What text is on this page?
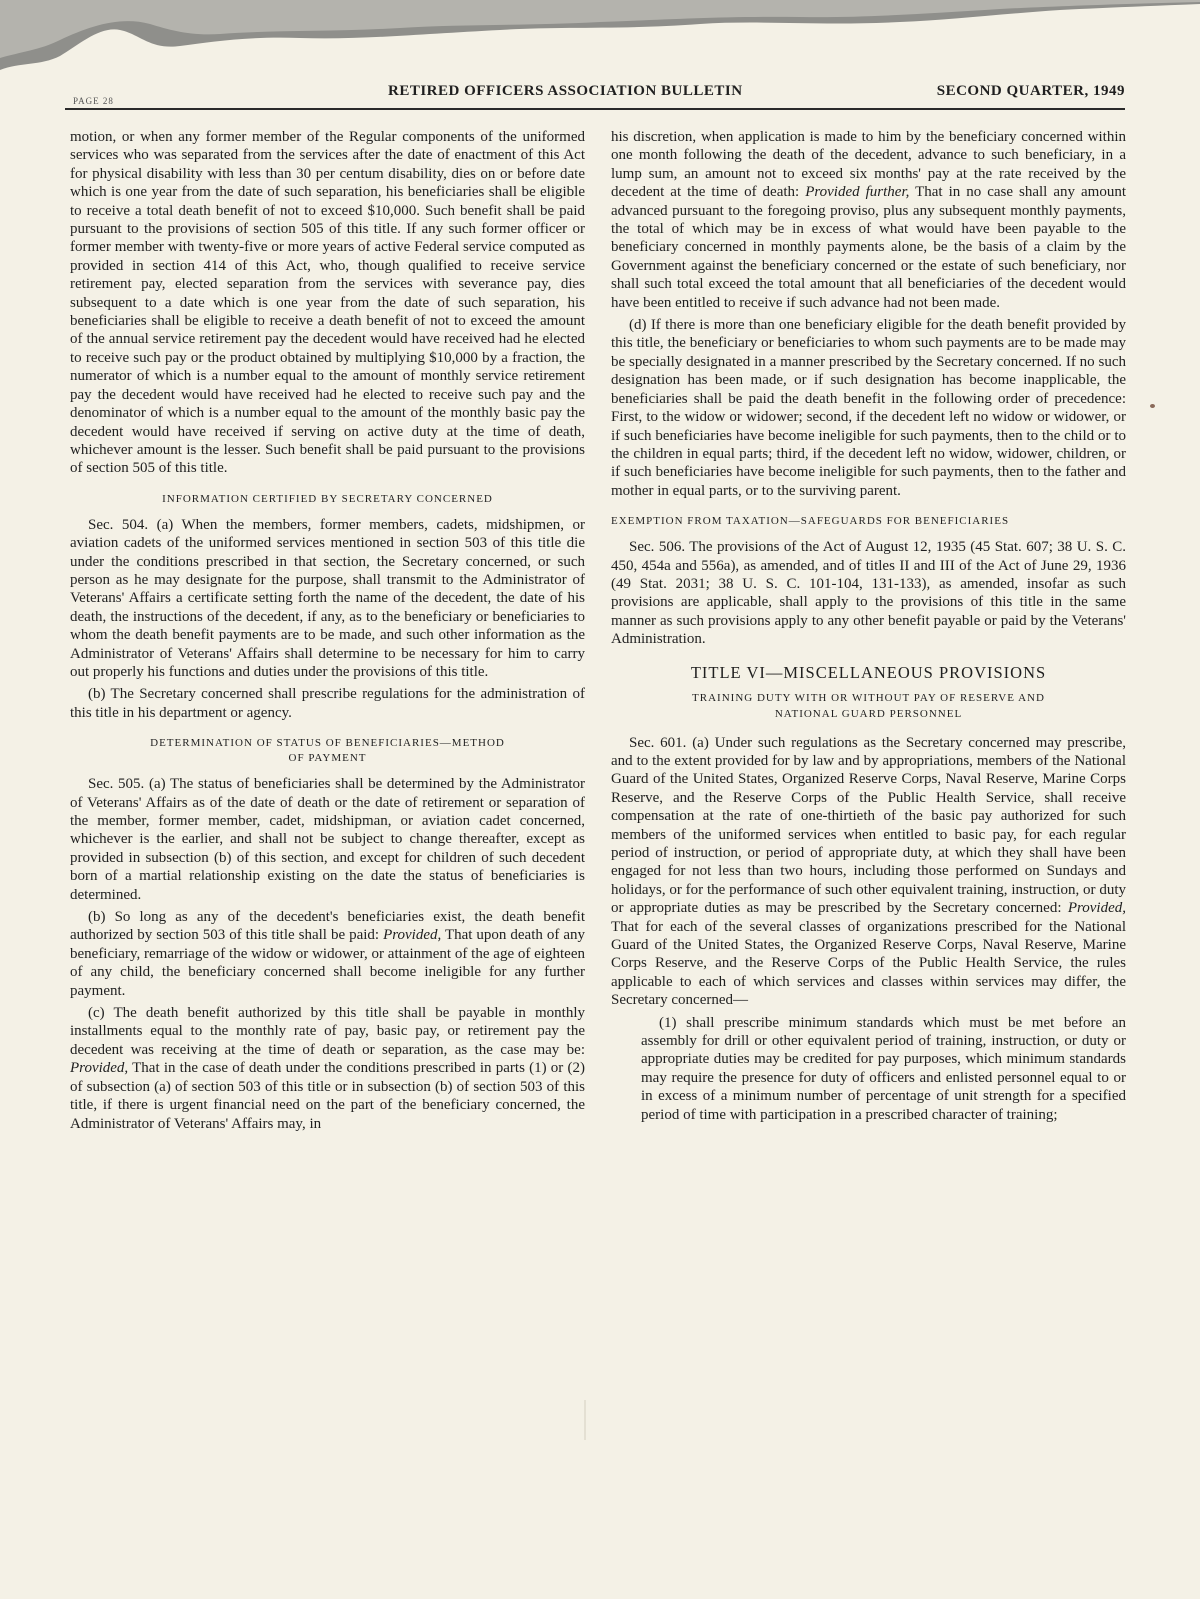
PAGE 28
RETIRED OFFICERS ASSOCIATION BULLETIN	SECOND QUARTER, 1949

motion, or when any former member of the Regular components of the uniformed services who was separated from the services after the date of enactment of this Act for physical disability with less than 30 per centum disability, dies on or before date which is one year from the date of such separation, his beneficiaries shall be eligible to receive a total death benefit of not to exceed $10,000. Such benefit shall be paid pursuant to the provisions of section 505 of this title. If any such former officer or former member with twenty-five or more years of active Federal service computed as provided in section 414 of this Act, who, though qualified to receive service retirement pay, elected separation from the services with severance pay, dies subsequent to a date which is one year from the date of such separation, his beneficiaries shall be eligible to receive a death benefit of not to exceed the amount of the annual service retirement pay the decedent would have received had he elected to receive such pay or the product obtained by multiplying $10,000 by a fraction, the numerator of which is a number equal to the amount of monthly service retirement pay the decedent would have received had he elected to receive such pay and the denominator of which is a number equal to the amount of the monthly basic pay the decedent would have received if serving on active duty at the time of death, whichever amount is the lesser. Such benefit shall be paid pursuant to the provisions of section 505 of this title.

INFORMATION CERTIFIED BY SECRETARY CONCERNED

Sec. 504. (a) When the members, former members, cadets, midshipmen, or aviation cadets of the uniformed services mentioned in section 503 of this title die under the conditions prescribed in that section, the Secretary concerned, or such person as he may designate for the purpose, shall transmit to the Administrator of Veterans' Affairs a certificate setting forth the name of the decedent, the date of his death, the instructions of the decedent, if any, as to the beneficiary or beneficiaries to whom the death benefit payments are to be made, and such other information as the Administrator of Veterans' Affairs shall determine to be necessary for him to carry out properly his functions and duties under the provisions of this title.

(b) The Secretary concerned shall prescribe regulations for the administration of this title in his department or agency.

DETERMINATION OF STATUS OF BENEFICIARIES—METHOD
OF PAYMENT

Sec. 505. (a) The status of beneficiaries shall be determined by the Administrator of Veterans' Affairs as of the date of death or the date of retirement or separation of the member, former member, cadet, midshipman, or aviation cadet concerned, whichever is the earlier, and shall not be subject to change thereafter, except as provided in subsection (b) of this section, and except for children of such decedent born of a martial relationship existing on the date the status of beneficiaries is determined.

(b) So long as any of the decedent's beneficiaries exist, the death benefit authorized by section 503 of this title shall be paid: Provided, That upon death of any beneficiary, remarriage of the widow or widower, or attainment of the age of eighteen of any child, the beneficiary concerned shall become ineligible for any further payment.

(c) The death benefit authorized by this title shall be payable in monthly installments equal to the monthly rate of pay, basic pay, or retirement pay the decedent was receiving at the time of death or separation, as the case may be: Provided, That in the case of death under the conditions prescribed in parts (1) or (2) of subsection (a) of section 503 of this title or in subsection (b) of section 503 of this title, if there is urgent financial need on the part of the beneficiary concerned, the Administrator of Veterans' Affairs may, in

his discretion, when application is made to him by the beneficiary concerned within one month following the death of the decedent, advance to such beneficiary, in a lump sum, an amount not to exceed six months' pay at the rate received by the decedent at the time of death: Provided further, That in no case shall any amount advanced pursuant to the foregoing proviso, plus any subsequent monthly payments, the total of which may be in excess of what would have been payable to the beneficiary concerned in monthly payments alone, be the basis of a claim by the Government against the beneficiary concerned or the estate of such beneficiary, nor shall such total exceed the total amount that all beneficiaries of the decedent would have been entitled to receive if such advance had not been made.

(d) If there is more than one beneficiary eligible for the death benefit provided by this title, the beneficiary or beneficiaries to whom such payments are to be made may be specially designated in a manner prescribed by the Secretary concerned. If no such designation has been made, or if such designation has become inapplicable, the beneficiaries shall be paid the death benefit in the following order of precedence: First, to the widow or widower; second, if the decedent left no widow or widower, or if such beneficiaries have become ineligible for such payments, then to the child or to the children in equal parts; third, if the decedent left no widow, widower, children, or if such beneficiaries have become ineligible for such payments, then to the father and mother in equal parts, or to the surviving parent.

EXEMPTION FROM TAXATION—SAFEGUARDS FOR BENEFICIARIES

Sec. 506. The provisions of the Act of August 12, 1935 (45 Stat. 607; 38 U. S. C. 450, 454a and 556a), as amended, and of titles II and III of the Act of June 29, 1936 (49 Stat. 2031; 38 U. S. C. 101-104, 131-133), as amended, insofar as such provisions are applicable, shall apply to the provisions of this title in the same manner as such provisions apply to any other benefit payable or paid by the Veterans' Administration.

TITLE VI—MISCELLANEOUS PROVISIONS
TRAINING DUTY WITH OR WITHOUT PAY OF RESERVE AND
NATIONAL GUARD PERSONNEL

Sec. 601. (a) Under such regulations as the Secretary concerned may prescribe, and to the extent provided for by law and by appropriations, members of the National Guard of the United States, Organized Reserve Corps, Naval Reserve, Marine Corps Reserve, and the Reserve Corps of the Public Health Service, shall receive compensation at the rate of one-thirtieth of the basic pay authorized for such members of the uniformed services when entitled to basic pay, for each regular period of instruction, or period of appropriate duty, at which they shall have been engaged for not less than two hours, including those performed on Sundays and holidays, or for the performance of such other equivalent training, instruction, or duty or appropriate duties as may be prescribed by the Secretary concerned: Provided, That for each of the several classes of organizations prescribed for the National Guard of the United States, the Organized Reserve Corps, Naval Reserve, Marine Corps Reserve, and the Reserve Corps of the Public Health Service, the rules applicable to each of which services and classes within services may differ, the Secretary concerned—

(1) shall prescribe minimum standards which must be met before an assembly for drill or other equivalent period of training, instruction, or duty or appropriate duties may be credited for pay purposes, which minimum standards may require the presence for duty of officers and enlisted personnel equal to or in excess of a minimum number of percentage of unit strength for a specified period of time with participation in a prescribed character of training;
